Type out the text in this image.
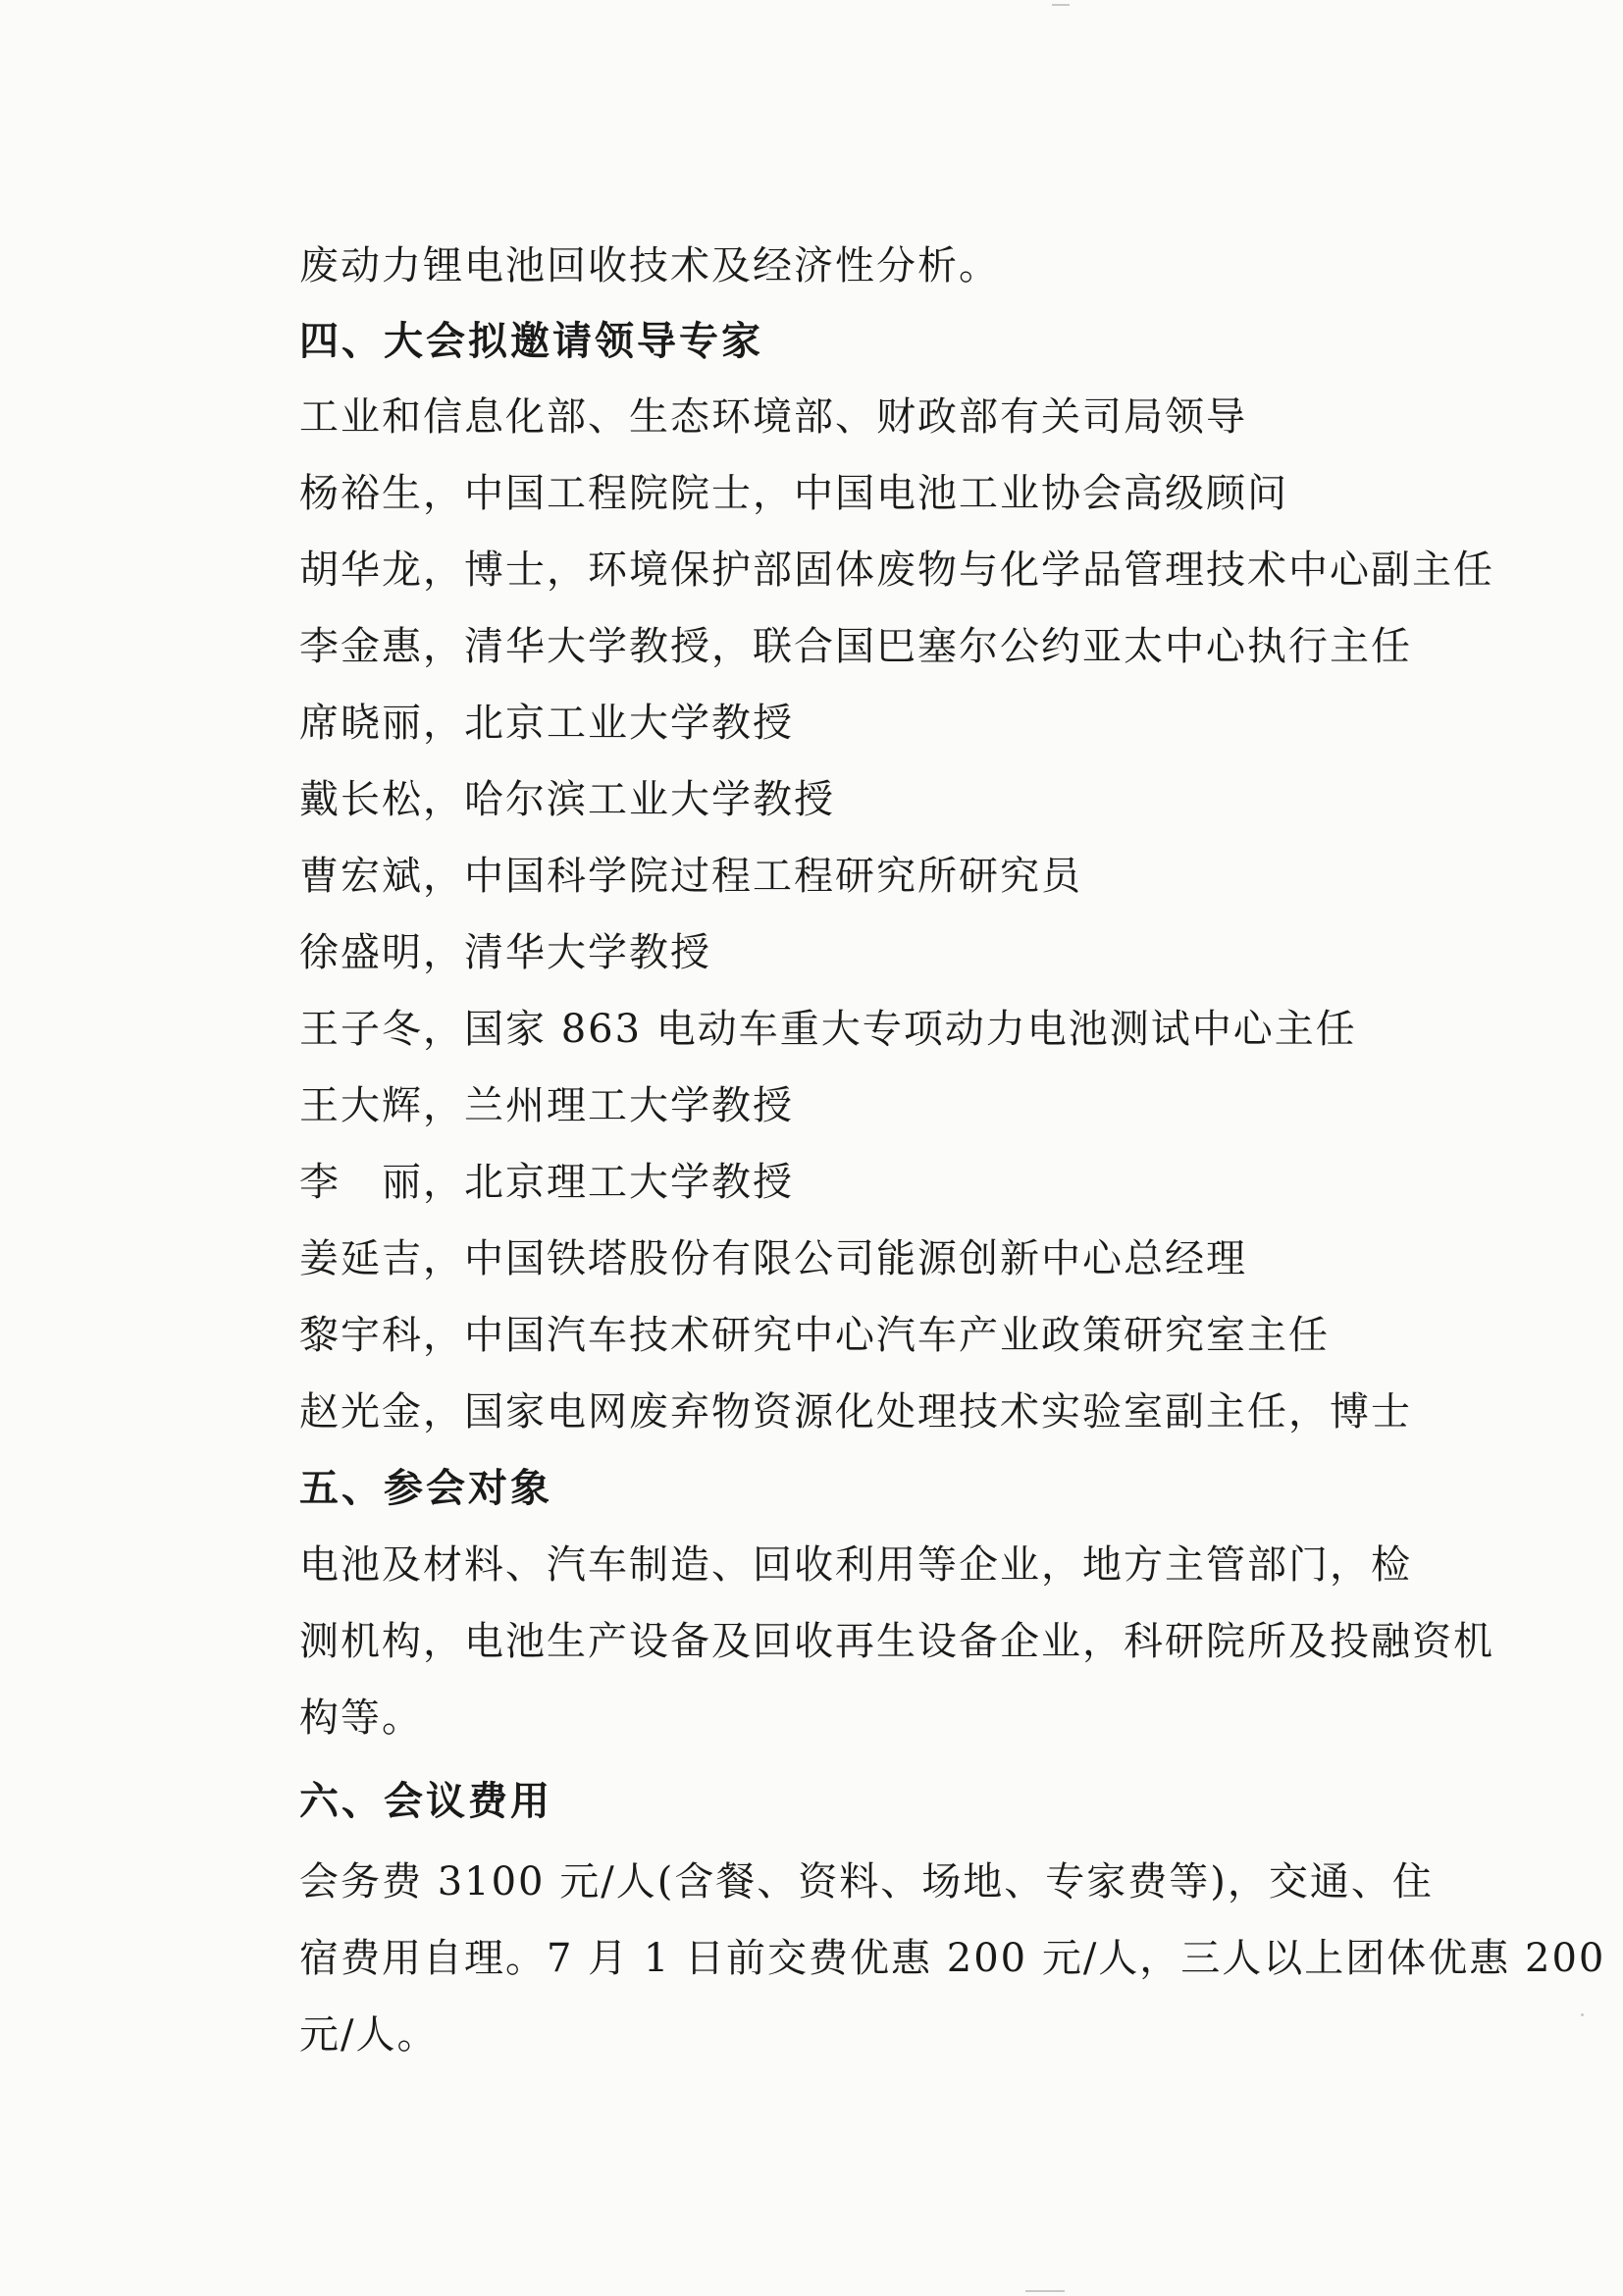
废动力锂电池回收技术及经济性分析。
四、大会拟邀请领导专家
工业和信息化部、生态环境部、财政部有关司局领导
杨裕生，中国工程院院士，中国电池工业协会高级顾问
胡华龙，博士，环境保护部固体废物与化学品管理技术中心副主任
李金惠，清华大学教授，联合国巴塞尔公约亚太中心执行主任
席晓丽，北京工业大学教授
戴长松，哈尔滨工业大学教授
曹宏斌，中国科学院过程工程研究所研究员
徐盛明，清华大学教授
王子冬，国家 863 电动车重大专项动力电池测试中心主任
王大辉，兰州理工大学教授
李　丽，北京理工大学教授
姜延吉，中国铁塔股份有限公司能源创新中心总经理
黎宇科，中国汽车技术研究中心汽车产业政策研究室主任
赵光金，国家电网废弃物资源化处理技术实验室副主任，博士
五、参会对象
电池及材料、汽车制造、回收利用等企业，地方主管部门，检
测机构，电池生产设备及回收再生设备企业，科研院所及投融资机
构等。
六、会议费用
会务费 3100 元/人(含餐、资料、场地、专家费等)，交通、住
宿费用自理。7 月 1 日前交费优惠 200 元/人，三人以上团体优惠 200
元/人。
